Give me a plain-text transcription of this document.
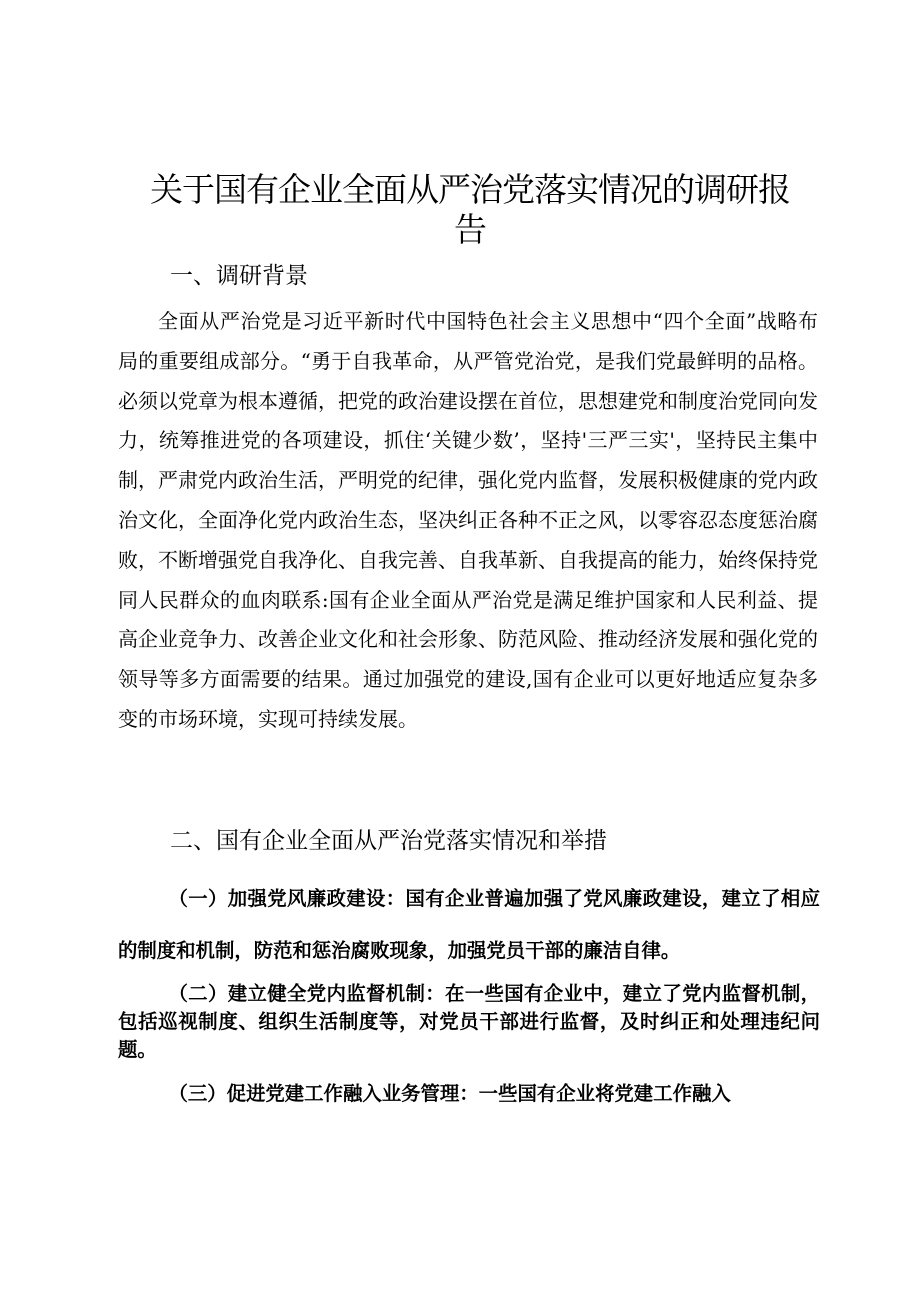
关于国有企业全面从严治党落实情况的调研报告
一、调研背景

全面从严治党是习近平新时代中国特色社会主义思想中“四个全面”战略布局的重要组成部分。“勇于自我革命，从严管党治党，是我们党最鲜明的品格。必须以党章为根本遵循，把党的政治建设摆在首位，思想建党和制度治党同向发力，统筹推进党的各项建设，抓住‘关键少数’，坚持'三严三实'，坚持民主集中制，严肃党内政治生活，严明党的纪律，强化党内监督，发展积极健康的党内政治文化，全面净化党内政治生态，坚决纠正各种不正之风，以零容忍态度惩治腐败，不断增强党自我净化、自我完善、自我革新、自我提高的能力，始终保持党同人民群众的血肉联系:国有企业全面从严治党是满足维护国家和人民利益、提高企业竞争力、改善企业文化和社会形象、防范风险、推动经济发展和强化党的领导等多方面需要的结果。通过加强党的建设,国有企业可以更好地适应复杂多变的市场环境，实现可持续发展。

二、国有企业全面从严治党落实情况和举措

（一）加强党风廉政建设：国有企业普遍加强了党风廉政建设，建立了相应的制度和机制，防范和惩治腐败现象，加强党员干部的廉洁自律。

（二）建立健全党内监督机制：在一些国有企业中，建立了党内监督机制，包括巡视制度、组织生活制度等，对党员干部进行监督，及时纠正和处理违纪问题。

（三）促进党建工作融入业务管理：一些国有企业将党建工作融入
